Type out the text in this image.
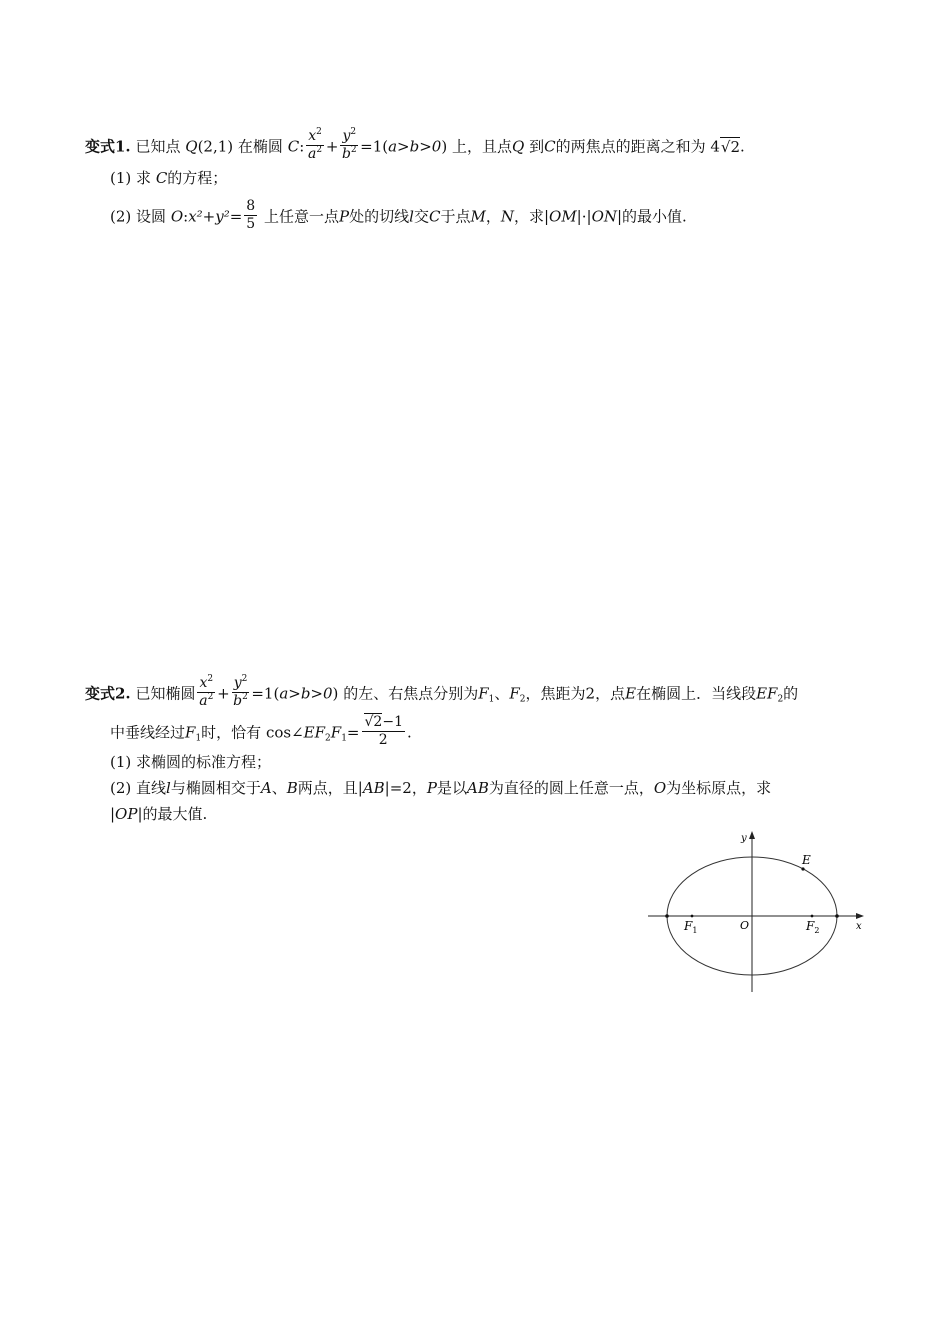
变式1. 已知点 Q(2,1) 在椭圆 C: $\frac{x^2}{a^2} + \frac{y^2}{b^2} =1(a>b>0)$ 上，且点Q 到C的两焦点的距离之和为 4√2.
(1) 求 C的方程；
(2) 设圆 O:x²+y²= $\frac{8}{5}$ 上任意一点P处的切线l交C于点M，N，求|OM|·|ON|的最小值.
变式2. 已知椭圆 $\frac{x^2}{a^2} + \frac{y^2}{b^2} =1(a>b>0)$ 的左、右焦点分别为$F_1$、$F_2$，焦距为2，点E在椭圆上．当线段$EF_2$的
中垂线经过$F_1$时，恰有 $\cos\angle EF_2F_1= \frac{√2-1}{2}$ .
(1) 求椭圆的标准方程；
(2) 直线l与椭圆相交于A、B两点，且|AB|=2，P是以AB为直径的圆上任意一点，O为坐标原点，求
|OP|的最大值.
y
x
E
$F_1$	O	$F_2$
